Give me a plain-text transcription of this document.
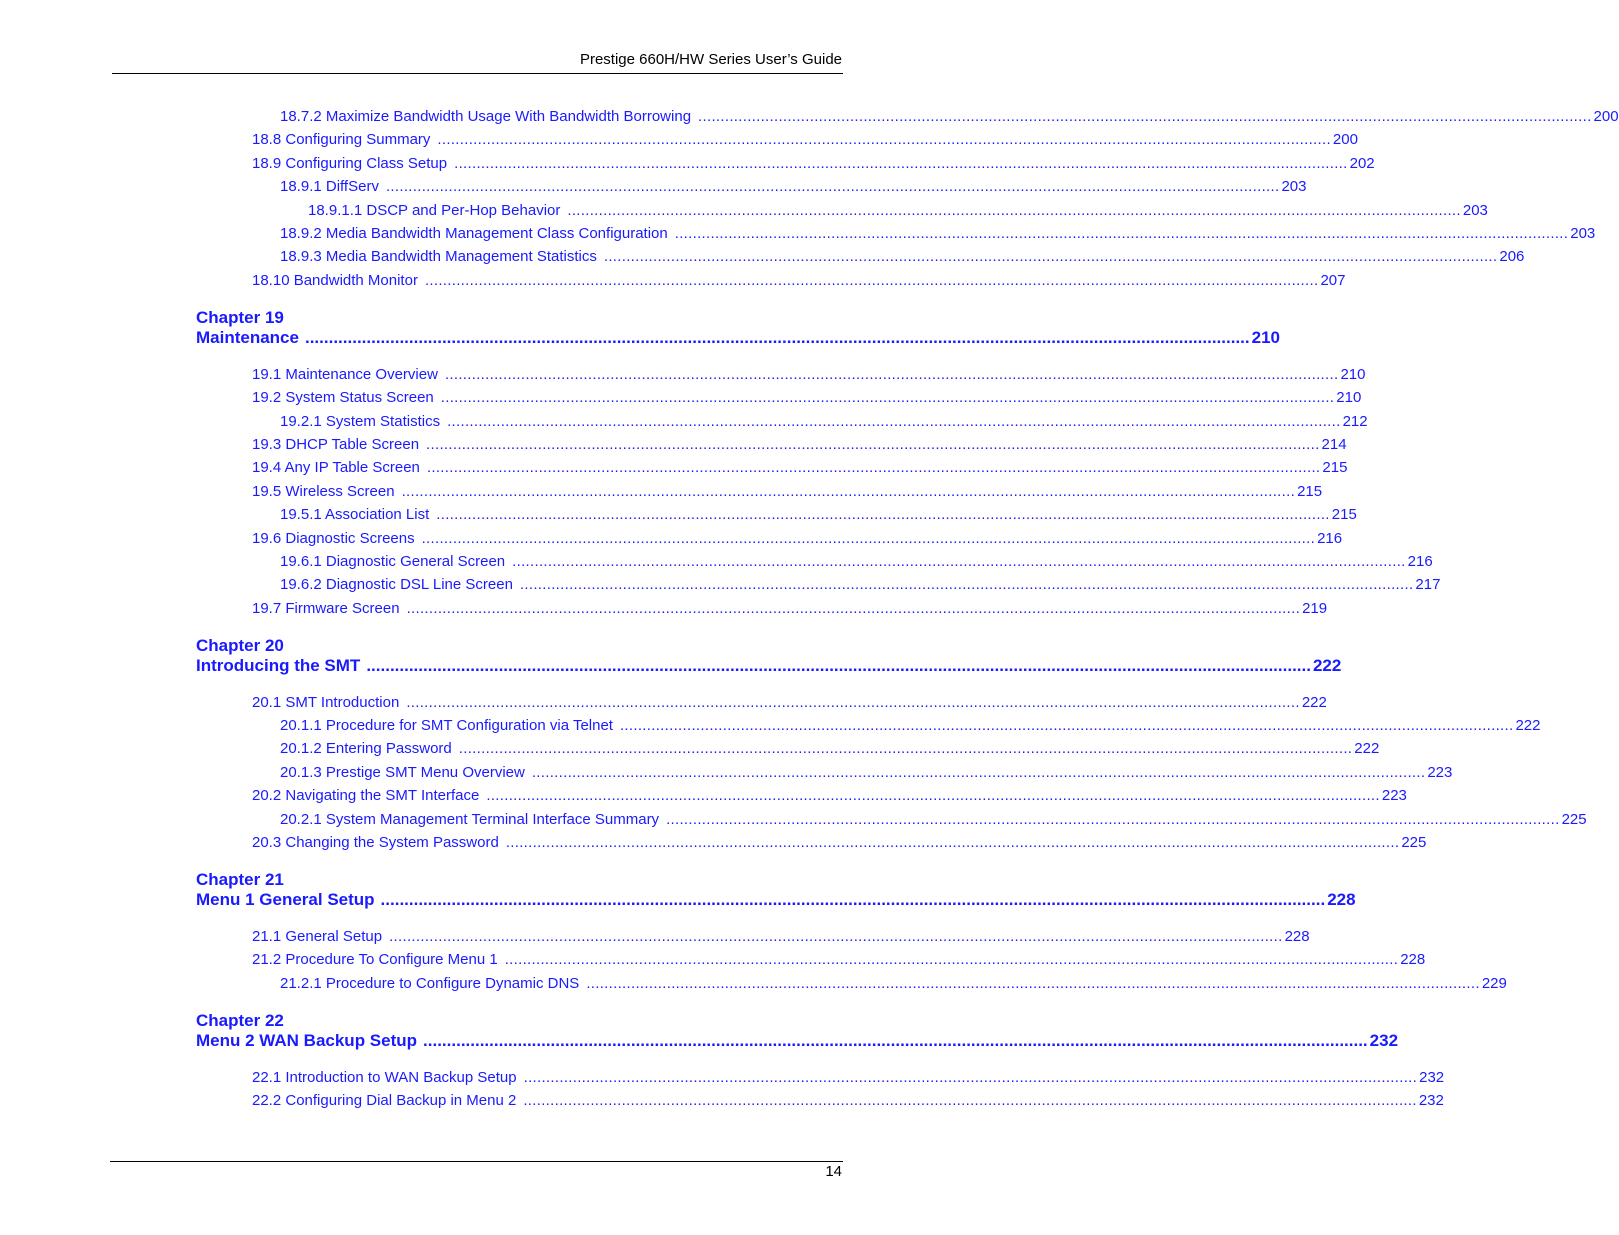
Prestige 660H/HW Series User’s Guide
18.7.2 Maximize Bandwidth Usage With Bandwidth Borrowing ........................................................................................................................................................................................................ 200
18.8 Configuring Summary ........................................................................................................................................................................................................ 200
18.9 Configuring Class Setup ........................................................................................................................................................................................................ 202
18.9.1 DiffServ ........................................................................................................................................................................................................ 203
18.9.1.1 DSCP and Per-Hop Behavior ........................................................................................................................................................................................................ 203
18.9.2 Media Bandwidth Management Class Configuration ........................................................................................................................................................................................................ 203
18.9.3 Media Bandwidth Management Statistics ........................................................................................................................................................................................................ 206
18.10 Bandwidth Monitor ........................................................................................................................................................................................................ 207
Chapter 19
Maintenance ........................................................................................................................................................................................................ 210
19.1 Maintenance Overview ........................................................................................................................................................................................................ 210
19.2 System Status Screen ........................................................................................................................................................................................................ 210
19.2.1 System Statistics ........................................................................................................................................................................................................ 212
19.3 DHCP Table Screen ........................................................................................................................................................................................................ 214
19.4 Any IP Table Screen ........................................................................................................................................................................................................ 215
19.5 Wireless Screen ........................................................................................................................................................................................................ 215
19.5.1 Association List ........................................................................................................................................................................................................ 215
19.6 Diagnostic Screens ........................................................................................................................................................................................................ 216
19.6.1 Diagnostic General Screen ........................................................................................................................................................................................................ 216
19.6.2 Diagnostic DSL Line Screen ........................................................................................................................................................................................................ 217
19.7 Firmware Screen ........................................................................................................................................................................................................ 219
Chapter 20
Introducing the SMT ........................................................................................................................................................................................................ 222
20.1 SMT Introduction ........................................................................................................................................................................................................ 222
20.1.1 Procedure for SMT Configuration via Telnet ........................................................................................................................................................................................................ 222
20.1.2 Entering Password ........................................................................................................................................................................................................ 222
20.1.3 Prestige SMT Menu Overview ........................................................................................................................................................................................................ 223
20.2 Navigating the SMT Interface ........................................................................................................................................................................................................ 223
20.2.1 System Management Terminal Interface Summary ........................................................................................................................................................................................................ 225
20.3 Changing the System Password ........................................................................................................................................................................................................ 225
Chapter 21
Menu 1 General Setup ........................................................................................................................................................................................................ 228
21.1 General Setup ........................................................................................................................................................................................................ 228
21.2 Procedure To Configure Menu 1 ........................................................................................................................................................................................................ 228
21.2.1 Procedure to Configure Dynamic DNS ........................................................................................................................................................................................................ 229
Chapter 22
Menu 2 WAN Backup Setup ........................................................................................................................................................................................................ 232
22.1 Introduction to WAN Backup Setup ........................................................................................................................................................................................................ 232
22.2 Configuring Dial Backup in Menu 2 ........................................................................................................................................................................................................ 232
14
